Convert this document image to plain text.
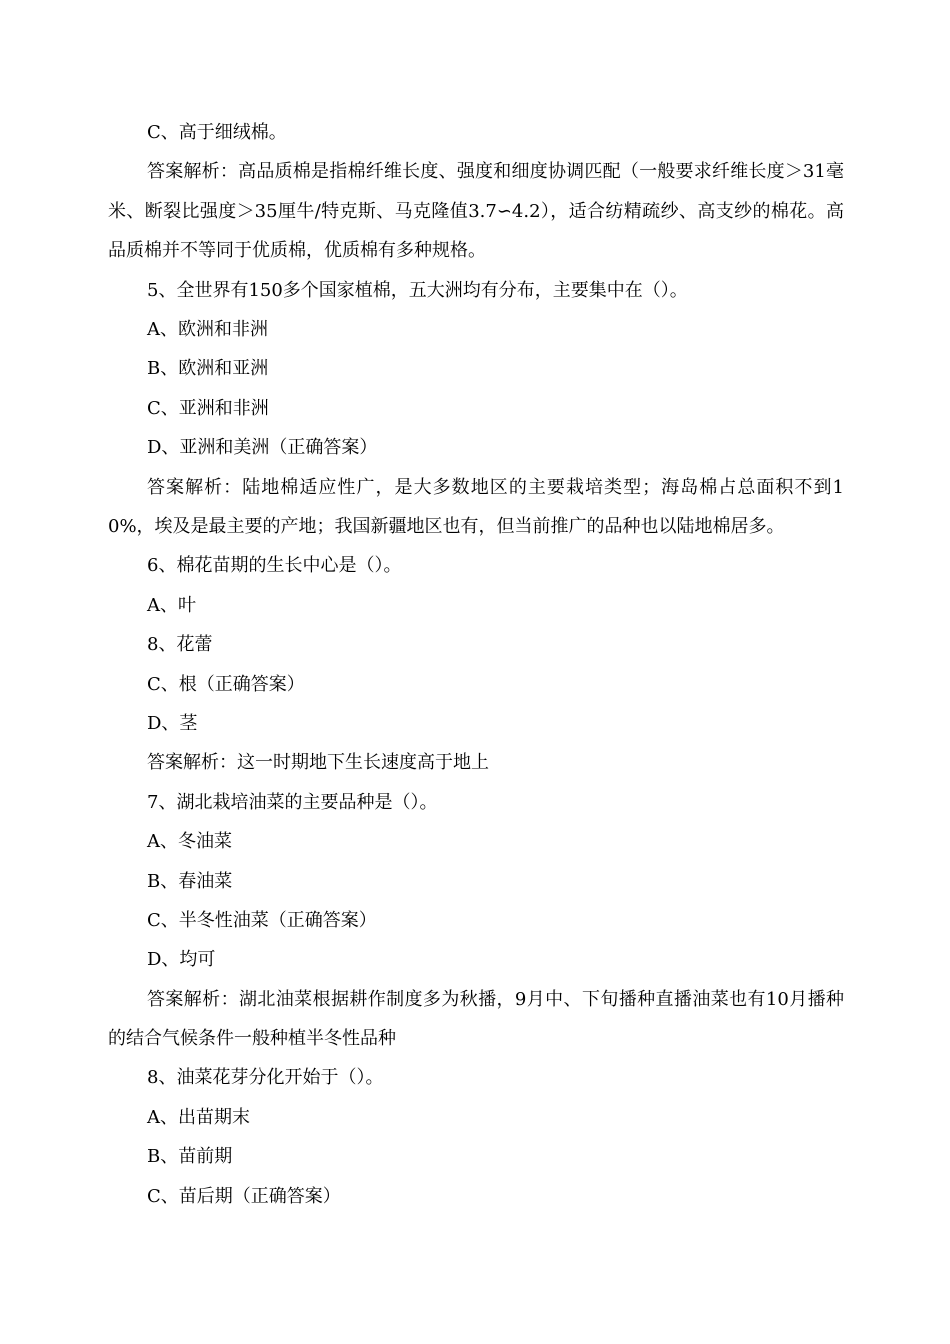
C、高于细绒棉。
答案解析：高品质棉是指棉纤维长度、强度和细度协调匹配（一般要求纤维长度＞31毫米、断裂比强度＞35厘牛/特克斯、马克隆值3.7∽4.2），适合纺精疏纱、高支纱的棉花。高品质棉并不等同于优质棉，优质棉有多种规格。
5、全世界有150多个国家植棉，五大洲均有分布，主要集中在（）。
A、欧洲和非洲
B、欧洲和亚洲
C、亚洲和非洲
D、亚洲和美洲（正确答案）
答案解析：陆地棉适应性广，是大多数地区的主要栽培类型；海岛棉占总面积不到10%，埃及是最主要的产地；我国新疆地区也有，但当前推广的品种也以陆地棉居多。
6、棉花苗期的生长中心是（）。
A、叶
8、花蕾
C、根（正确答案）
D、茎
答案解析：这一时期地下生长速度高于地上
7、湖北栽培油菜的主要品种是（）。
A、冬油菜
B、春油菜
C、半冬性油菜（正确答案）
D、均可
答案解析：湖北油菜根据耕作制度多为秋播，9月中、下旬播种直播油菜也有10月播种的结合气候条件一般种植半冬性品种
8、油菜花芽分化开始于（）。
A、出苗期末
B、苗前期
C、苗后期（正确答案）
